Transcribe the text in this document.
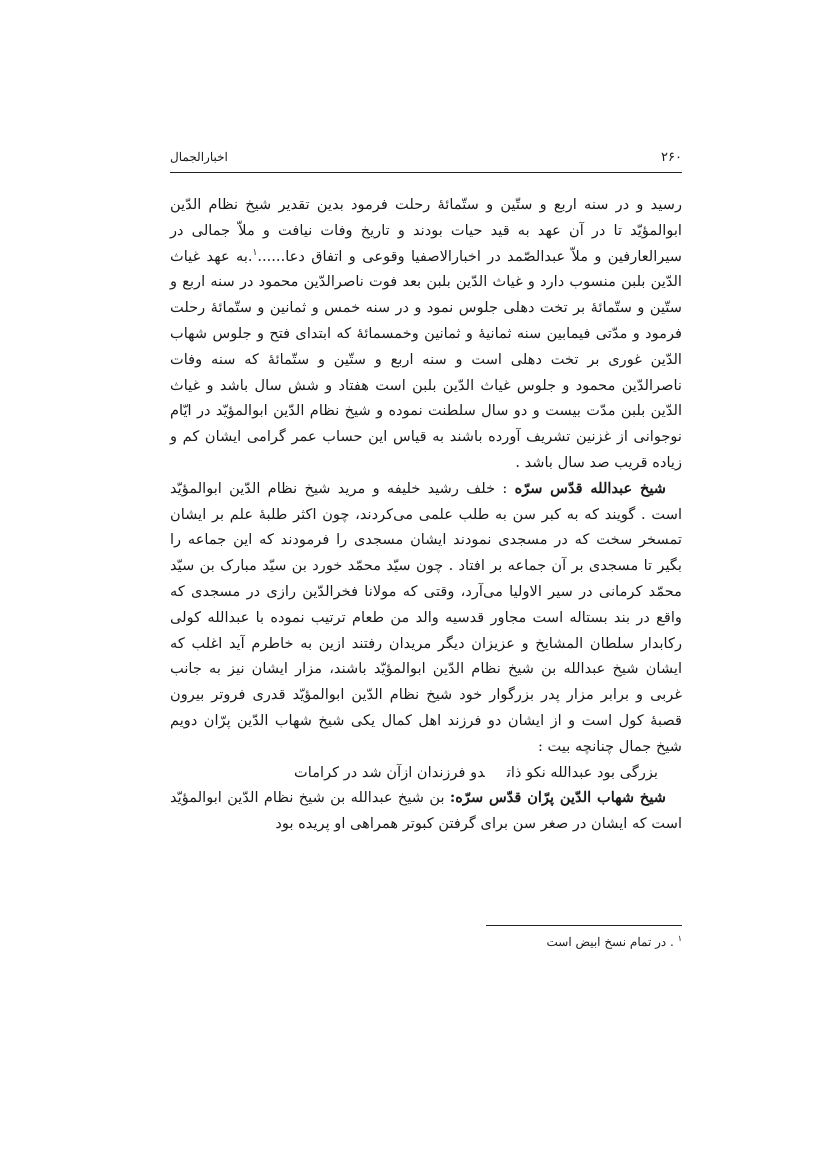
۲۶۰
اخبارالجمال

رسید و در سنه اربع و ستّین و ستّمائهٔ رحلت فرمود بدین تقدیر شیخ نظام الدّین ابوالمؤیّد تا در آن عهد به قید حیات بودند و تاریخ وفات نیافت و ملاّ جمالی در سیرالعارفین و ملاّ عبدالصّمد در اخبارالاصفیا وقوعی و اتفاق دعا......$^۱$.به عهد غیاث الدّین بلبن منسوب دارد و غیاث الدّین بلبن بعد فوت ناصرالدّین محمود در سنه اربع و ستّین و ستّمائهٔ بر تخت دهلی جلوس نمود و در سنه خمس و ثمانین و ستّمائهٔ رحلت فرمود و مدّتی فیمابین سنه ثمانیهٔ و ثمانین وخمسمائهٔ که ابتدای فتح و جلوس شهاب الدّین غوری بر تخت دهلی است و سنه اربع و ستّین و ستّمائهٔ که سنه وفات ناصرالدّین محمود و جلوس غیاث الدّین بلبن است هفتاد و شش سال باشد و غیاث الدّین بلبن مدّت بیست و دو سال سلطنت نموده و شیخ نظام الدّین ابوالمؤیّد در ایّام نوجوانی از غزنین تشریف آورده باشند به قیاس این حساب عمر گرامی ایشان کم و زیاده قریب صد سال باشد .

شیخ عبدالله قدّس سرّه : خلف رشید خلیفه و مرید شیخ نظام الدّین ابوالمؤیّد است . گویند که به کبر سن به طلب علمی می‌کردند، چون اکثر طلبهٔ علم بر ایشان تمسخر سخت که در مسجدی نمودند ایشان مسجدی را فرمودند که این جماعه را بگیر تا مسجدی بر آن جماعه بر افتاد . چون سیّد محمّد خورد بن سیّد مبارک بن سیّد محمّد کرمانی در سیر الاولیا می‌آرد، وقتی که مولانا فخرالدّین رازی در مسجدی که واقع در بند بستاله است مجاور قدسیه والد من طعام ترتیب نموده با عبدالله کولی رکابدار سلطان المشایخ و عزیزان دیگر مریدان رفتند ازین به خاطرم آید اغلب که ایشان شیخ عبدالله بن شیخ نظام الدّین ابوالمؤیّد باشند، مزار ایشان نیز به جانب غربی و برابر مزار پدر بزرگوار خود شیخ نظام الدّین ابوالمؤیّد قدری فروتر بیرون قصبهٔ کول است و از ایشان دو فرزند اهل کمال یکی شیخ شهاب الدّین پرّان دویم شیخ جمال چنانچه بیت :

بزرگی بود عبدالله نکو ذاتدو فرزندان ازآن شد در کرامات

شیخ شهاب الدّین پرّان قدّس سرّه: بن شیخ عبدالله بن شیخ نظام الدّین ابوالمؤیّد است که ایشان در صغر سن برای گرفتن کبوتر همراهی او پریده بود

$^۱$ . در تمام نسخ ابیض است
